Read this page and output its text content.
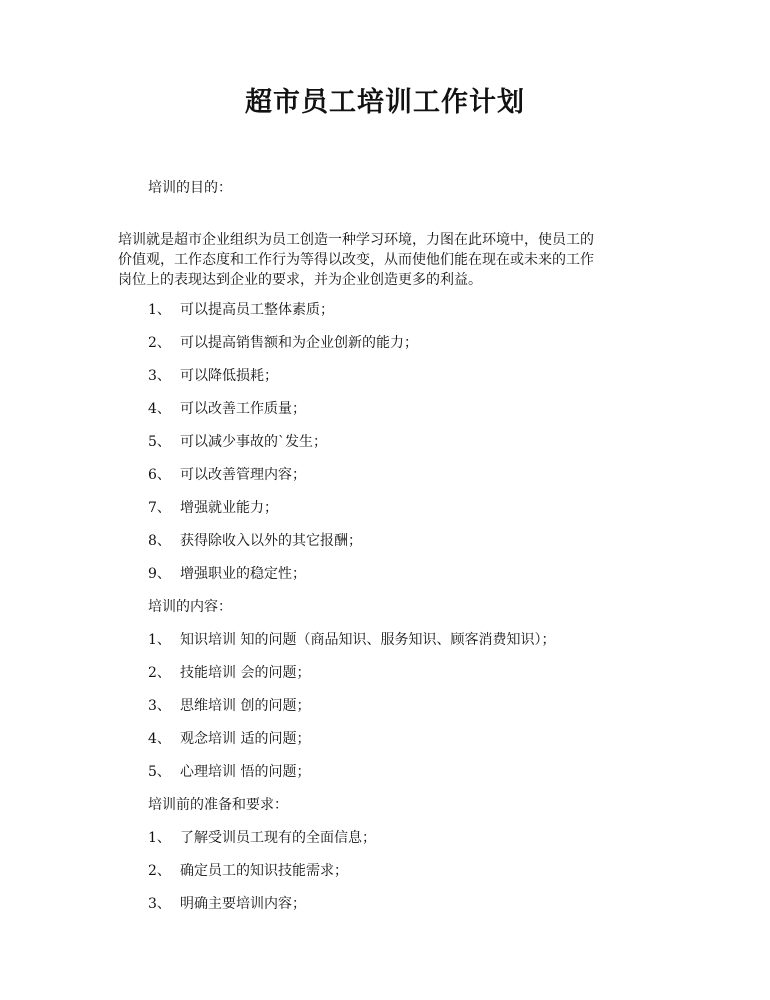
超市员工培训工作计划
培训的目的：
培训就是超市企业组织为员工创造一种学习环境，力图在此环境中，使员工的
价值观，工作态度和工作行为等得以改变，从而使他们能在现在或未来的工作
岗位上的表现达到企业的要求，并为企业创造更多的利益。
1、 可以提高员工整体素质；
2、 可以提高销售额和为企业创新的能力；
3、 可以降低损耗；
4、 可以改善工作质量；
5、 可以减少事故的`发生；
6、 可以改善管理内容；
7、 增强就业能力；
8、 获得除收入以外的其它报酬；
9、 增强职业的稳定性；
培训的内容：
1、 知识培训 知的问题（商品知识、服务知识、顾客消费知识）；
2、 技能培训 会的问题；
3、 思维培训 创的问题；
4、 观念培训 适的问题；
5、 心理培训 悟的问题；
培训前的准备和要求：
1、 了解受训员工现有的全面信息；
2、 确定员工的知识技能需求；
3、 明确主要培训内容；
